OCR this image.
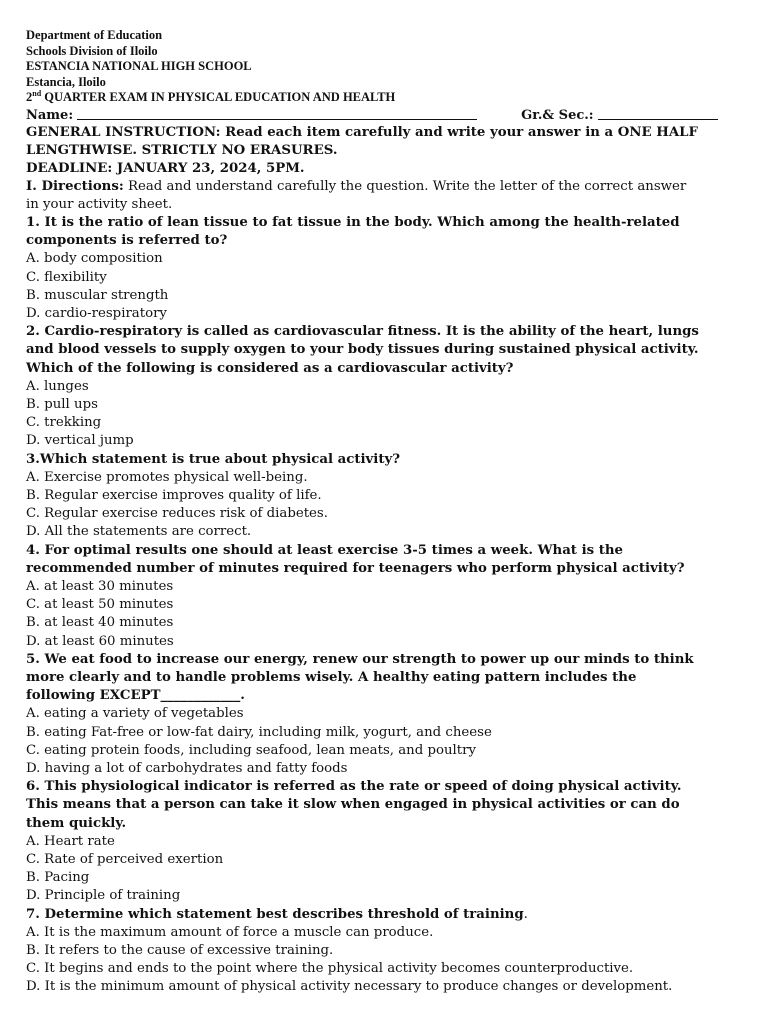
Department of Education
Schools Division of Iloilo
ESTANCIA NATIONAL HIGH SCHOOL
Estancia, Iloilo
2nd QUARTER EXAM IN PHYSICAL EDUCATION AND HEALTH
Name:	Gr.& Sec.:
GENERAL INSTRUCTION: Read each item carefully and write your answer in a ONE HALF
LENGTHWISE. STRICTLY NO ERASURES.
DEADLINE: JANUARY 23, 2024, 5PM.
I. Directions: Read and understand carefully the question. Write the letter of the correct answer
in your activity sheet.
1. It is the ratio of lean tissue to fat tissue in the body. Which among the health-related
components is referred to?
A. body composition
C. flexibility
B. muscular strength
D. cardio-respiratory
2. Cardio-respiratory is called as cardiovascular fitness. It is the ability of the heart, lungs
and blood vessels to supply oxygen to your body tissues during sustained physical activity.
Which of the following is considered as a cardiovascular activity?
A. lunges
B. pull ups
C. trekking
D. vertical jump
3.Which statement is true about physical activity?
A. Exercise promotes physical well-being.
B. Regular exercise improves quality of life.
C. Regular exercise reduces risk of diabetes.
D. All the statements are correct.
4. For optimal results one should at least exercise 3-5 times a week. What is the
recommended number of minutes required for teenagers who perform physical activity?
A. at least 30 minutes
C. at least 50 minutes
B. at least 40 minutes
D. at least 60 minutes
5. We eat food to increase our energy, renew our strength to power up our minds to think
more clearly and to handle problems wisely. A healthy eating pattern includes the
following EXCEPT____________.
A. eating a variety of vegetables
B. eating Fat-free or low-fat dairy, including milk, yogurt, and cheese
C. eating protein foods, including seafood, lean meats, and poultry
D. having a lot of carbohydrates and fatty foods
6. This physiological indicator is referred as the rate or speed of doing physical activity.
This means that a person can take it slow when engaged in physical activities or can do
them quickly.
A. Heart rate
C. Rate of perceived exertion
B. Pacing
D. Principle of training
7. Determine which statement best describes threshold of training.
A. It is the maximum amount of force a muscle can produce.
B. It refers to the cause of excessive training.
C. It begins and ends to the point where the physical activity becomes counterproductive.
D. It is the minimum amount of physical activity necessary to produce changes or development.
